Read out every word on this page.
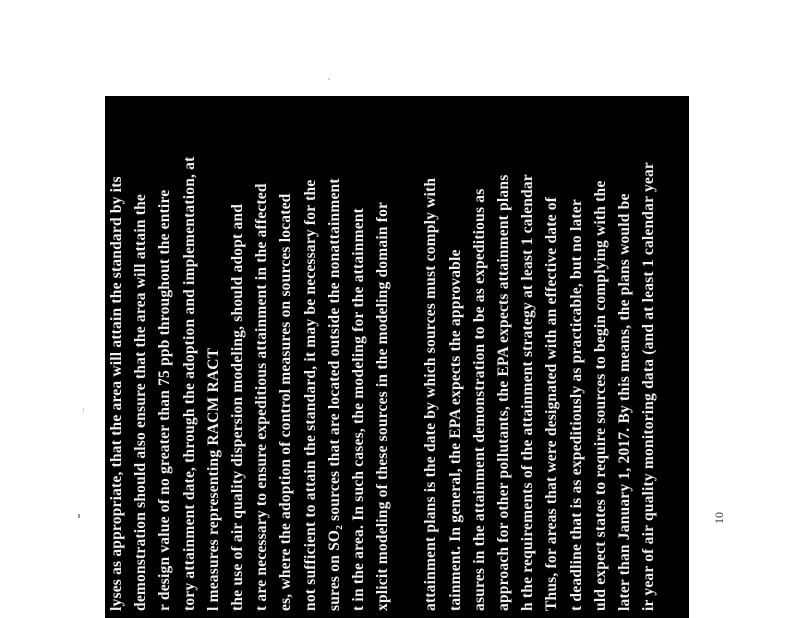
lyses as appropriate, that the area will attain the standard by its demonstration should also ensure that the area will attain the r design value of no greater than 75 ppb throughout the entire tory attainment date, through the adoption and implementation, at l measures representing RACM RACT the use of air quality dispersion modeling, should adopt and t are necessary to ensure expeditious attainment in the affected es, where the adoption of control measures on sources located not sufficient to attain the standard, it may be necessary for the sures on SO₂ sources that are located outside the nonattainment t in the area. In such cases, the modeling for the attainment xplicit modeling of these sources in the modeling domain for attainment plans is the date by which sources must comply with tainment. In general, the EPA expects the approvable asures in the attainment demonstration to be as expeditious as approach for other pollutants, the EPA expects attainment plans h the requirements of the attainment strategy at least 1 calendar Thus, for areas that were designated with an effective date of t deadline that is as expeditiously as practicable, but no later uld expect states to require sources to begin complying with the later than January 1, 2017. By this means, the plans would be ir year of air quality monitoring data (and at least 1 calendar year	10
